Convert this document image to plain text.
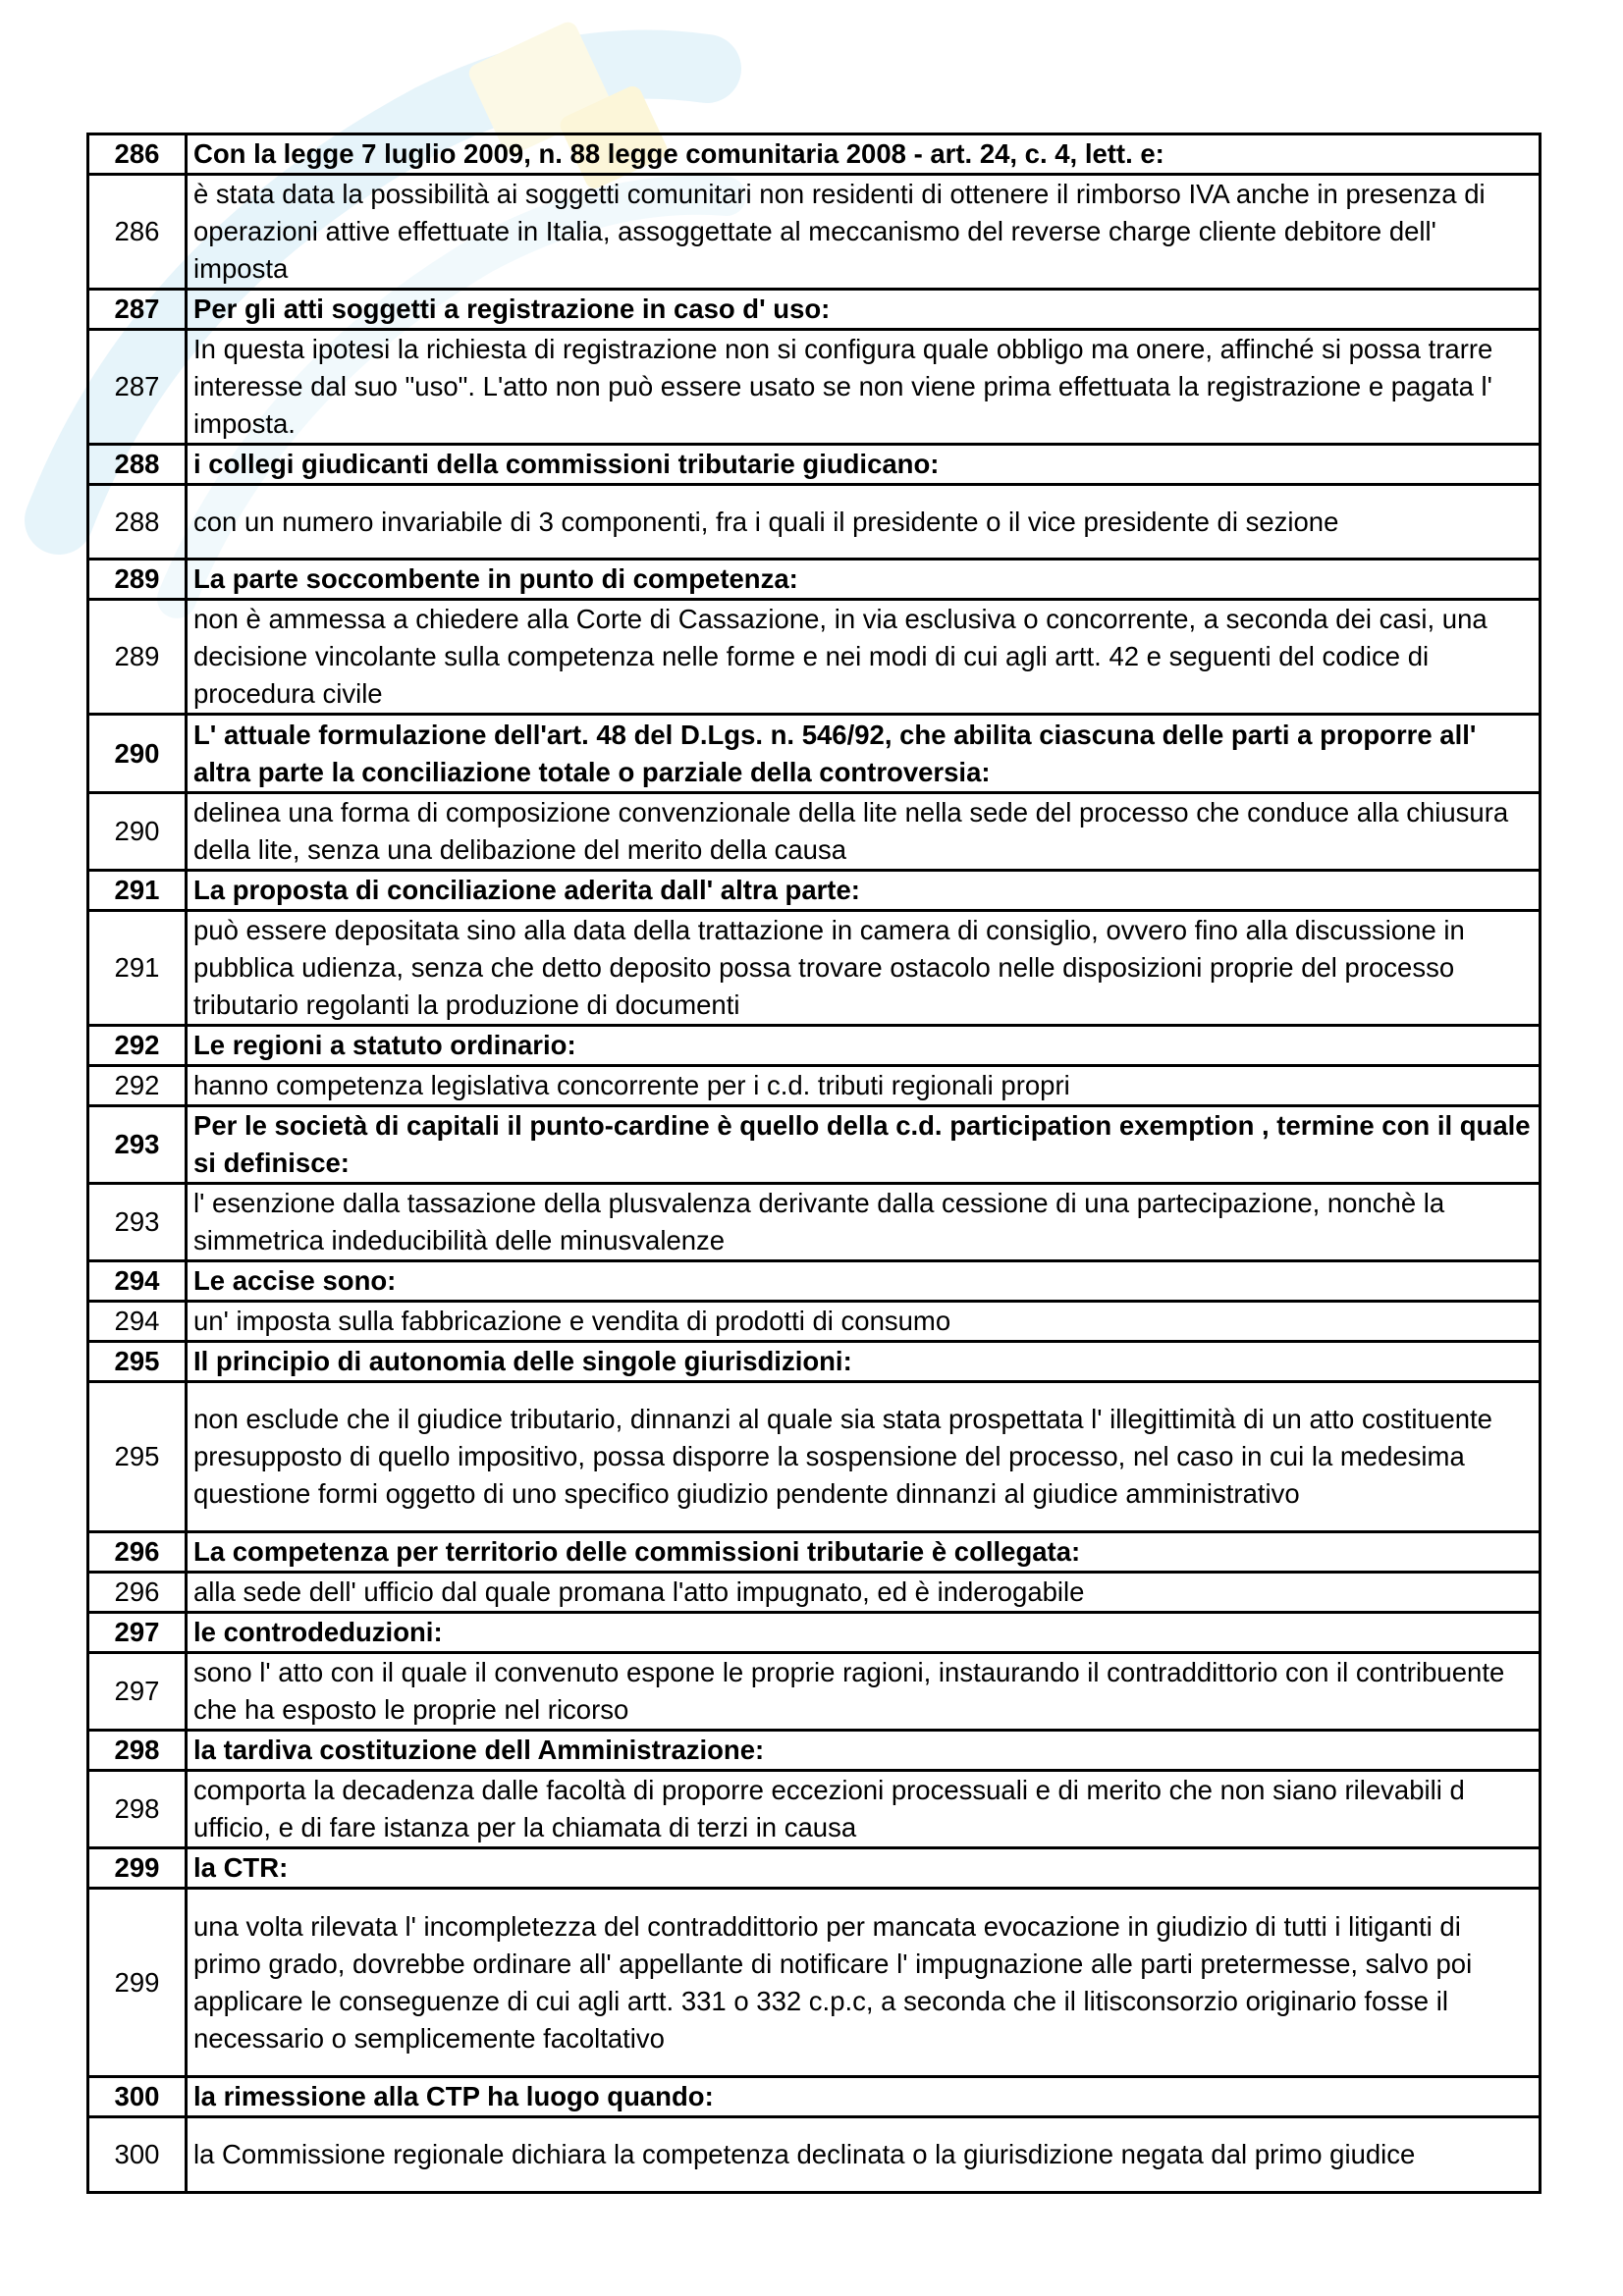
286	Con la legge 7 luglio 2009, n. 88 legge comunitaria 2008 - art. 24, c. 4, lett. e:
286	è stata data la possibilità ai soggetti comunitari non residenti di ottenere il rimborso IVA anche in presenza di operazioni attive effettuate in Italia, assoggettate al meccanismo del reverse charge cliente debitore dell' imposta
287	Per gli atti soggetti a registrazione in caso d' uso:
287	In questa ipotesi la richiesta di registrazione non si configura quale obbligo ma onere, affinché si possa trarre interesse dal suo "uso". L'atto non può essere usato se non viene prima effettuata la registrazione e pagata l' imposta.
288	i collegi giudicanti della commissioni tributarie giudicano:
288	con un numero invariabile di 3 componenti, fra i quali il presidente o il vice presidente di sezione
289	La parte soccombente in punto di competenza:
289	non è ammessa a chiedere alla Corte di Cassazione, in via esclusiva o concorrente, a seconda dei casi, una decisione vincolante sulla competenza nelle forme e nei modi di cui agli artt. 42 e seguenti del codice di procedura civile
290	L' attuale formulazione dell'art. 48 del D.Lgs. n. 546/92, che abilita ciascuna delle parti a proporre all' altra parte la conciliazione totale o parziale della controversia:
290	delinea una forma di composizione convenzionale della lite nella sede del processo che conduce alla chiusura della lite, senza una delibazione del merito della causa
291	La proposta di conciliazione aderita dall' altra parte:
291	può essere depositata sino alla data della trattazione in camera di consiglio, ovvero fino alla discussione in pubblica udienza, senza che detto deposito possa trovare ostacolo nelle disposizioni proprie del processo tributario regolanti la produzione di documenti
292	Le regioni a statuto ordinario:
292	hanno competenza legislativa concorrente per i c.d. tributi regionali propri
293	Per le società di capitali il punto-cardine è quello della c.d. participation exemption , termine con il quale si definisce:
293	l' esenzione dalla tassazione della plusvalenza derivante dalla cessione di una partecipazione, nonchè la simmetrica indeducibilità delle minusvalenze
294	Le accise sono:
294	un' imposta sulla fabbricazione e vendita di prodotti di consumo
295	Il principio di autonomia delle singole giurisdizioni:
295	non esclude che il giudice tributario, dinnanzi al quale sia stata prospettata l' illegittimità di un atto costituente presupposto di quello impositivo, possa disporre la sospensione del processo, nel caso in cui la medesima questione formi oggetto di uno specifico giudizio pendente dinnanzi al giudice amministrativo
296	La competenza per territorio delle commissioni tributarie è collegata:
296	alla sede dell' ufficio dal quale promana l'atto impugnato, ed è inderogabile
297	le controdeduzioni:
297	sono l' atto con il quale il convenuto espone le proprie ragioni, instaurando il contraddittorio con il contribuente che ha esposto le proprie nel ricorso
298	la tardiva costituzione dell Amministrazione:
298	comporta la decadenza dalle facoltà di proporre eccezioni processuali e di merito che non siano rilevabili d ufficio, e di fare istanza per la chiamata di terzi in causa
299	la CTR:
299	una volta rilevata l' incompletezza del contraddittorio per mancata evocazione in giudizio di tutti i litiganti di primo grado, dovrebbe ordinare all' appellante di notificare l' impugnazione alle parti pretermesse, salvo poi applicare le conseguenze di cui agli artt. 331 o 332 c.p.c, a seconda che il litisconsorzio originario fosse il necessario o semplicemente facoltativo
300	la rimessione alla CTP ha luogo quando:
300	la Commissione regionale dichiara la competenza declinata o la giurisdizione negata dal primo giudice
